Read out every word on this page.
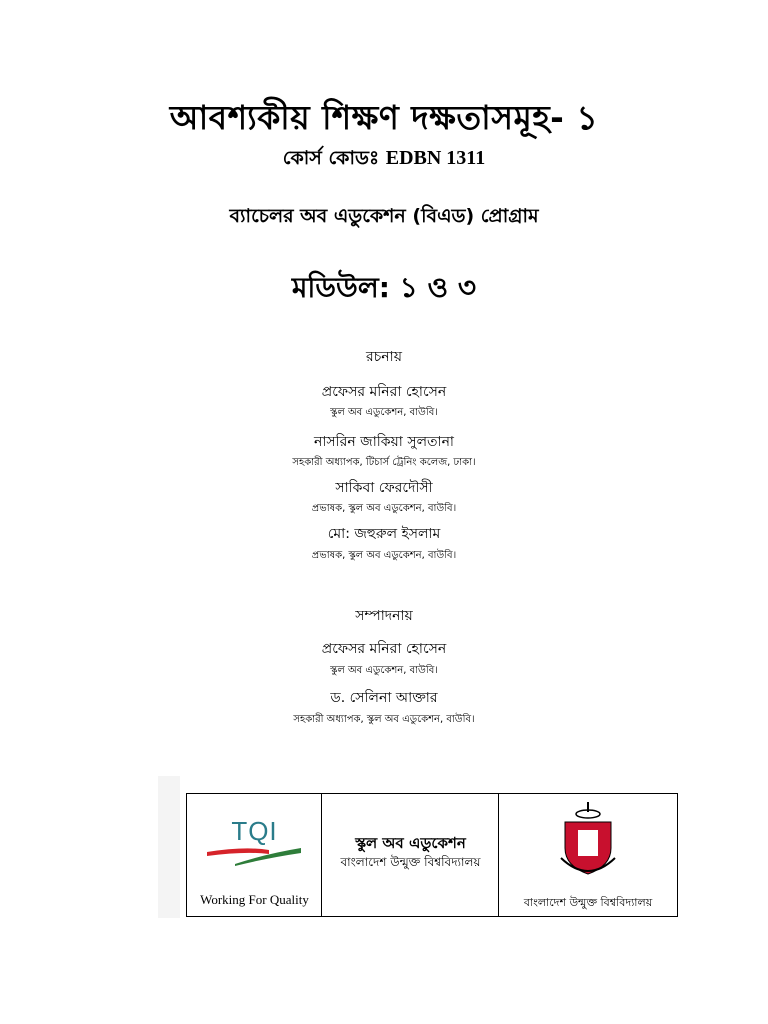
আবশ্যকীয় শিক্ষণ দক্ষতাসমূহ- ১
কোর্স কোডঃ EDBN 1311
ব্যাচেলর অব এডুকেশন (বিএড) প্রোগ্রাম
মডিউল: ১ ও ৩
রচনায়
প্রফেসর মনিরা হোসেন
স্কুল অব এডুকেশন, বাউবি।
নাসরিন জাকিয়া সুলতানা
সহকারী অধ্যাপক, টিচার্স ট্রেনিং কলেজ, ঢাকা।
সাকিবা ফেরদৌসী
প্রভাষক, স্কুল অব এডুকেশন, বাউবি।
মো: জহুরুল ইসলাম
প্রভাষক, স্কুল অব এডুকেশন, বাউবি।
সম্পাদনায়
প্রফেসর মনিরা হোসেন
স্কুল অব এডুকেশন, বাউবি।
ড. সেলিনা আক্তার
সহকারী অধ্যাপক, স্কুল অব এডুকেশন, বাউবি।
TQI
Working For Quality
স্কুল অব এডুকেশন
বাংলাদেশ উন্মুক্ত বিশ্ববিদ্যালয়
বাংলাদেশ উন্মুক্ত বিশ্ববিদ্যালয়
